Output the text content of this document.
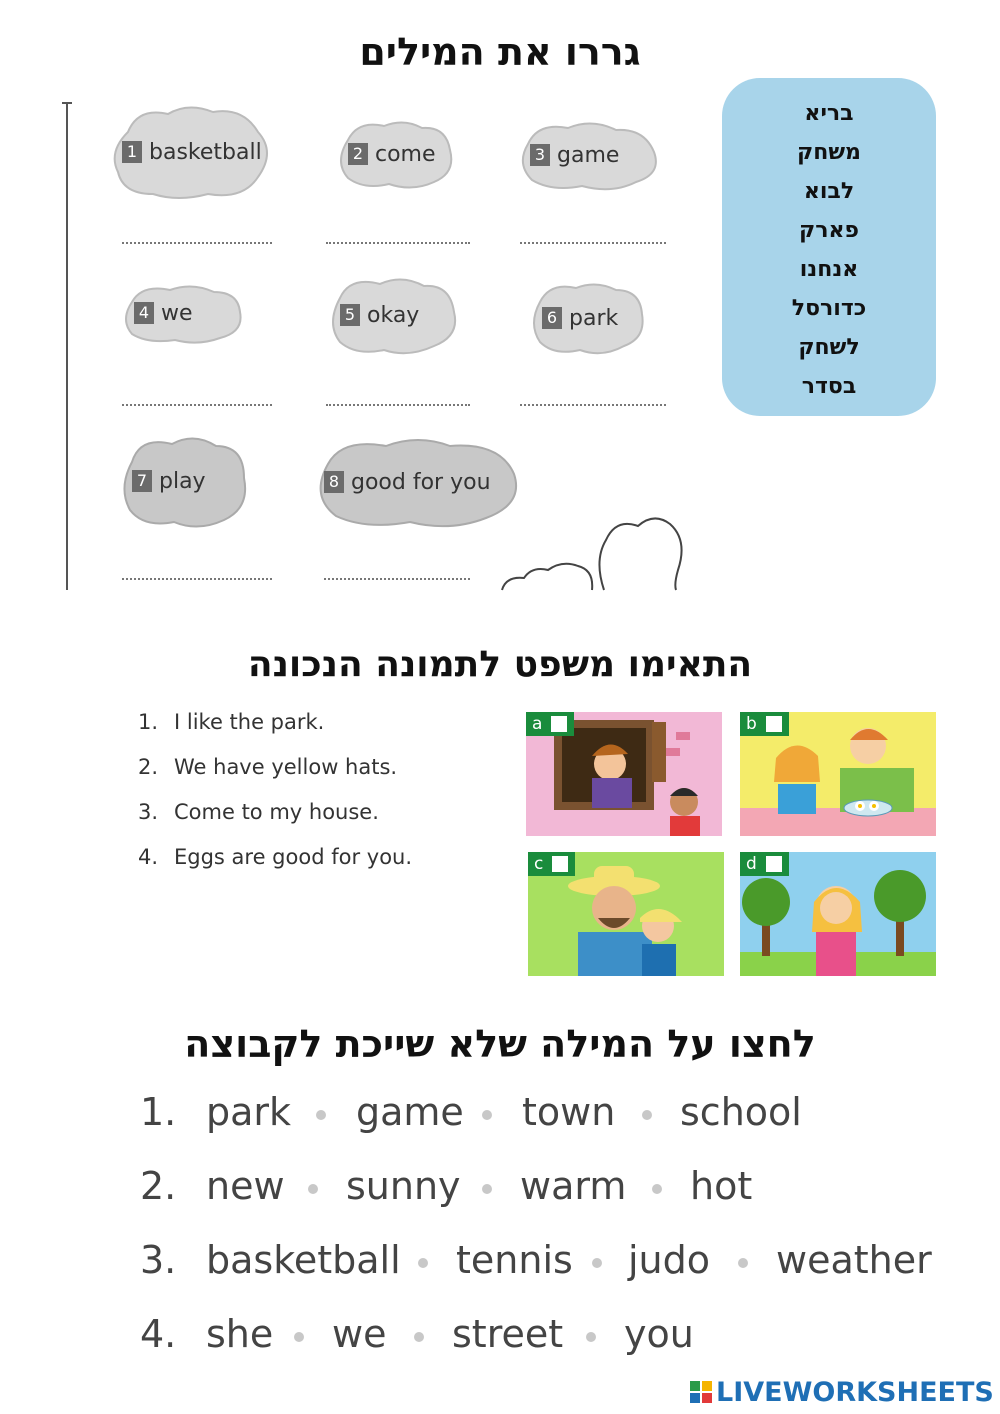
גררו את המילים
1 basketball	2 come	3 game
4 we	5 okay	6 park
7 play	8 good for you
בריא
משחק
לבוא
פארק
אנחנו
כדורסל
לשחק
בסדר
התאימו משפט לתמונה הנכונה
1. I like the park.
2. We have yellow hats.
3. Come to my house.
4. Eggs are good for you.
a	b
c	d
לחצו על המילה שלא שייכת לקבוצה
1. park game town school
2. new sunny warm hot
3. basketball tennis judo weather
4. she we street you
LIVEWORKSHEETS
